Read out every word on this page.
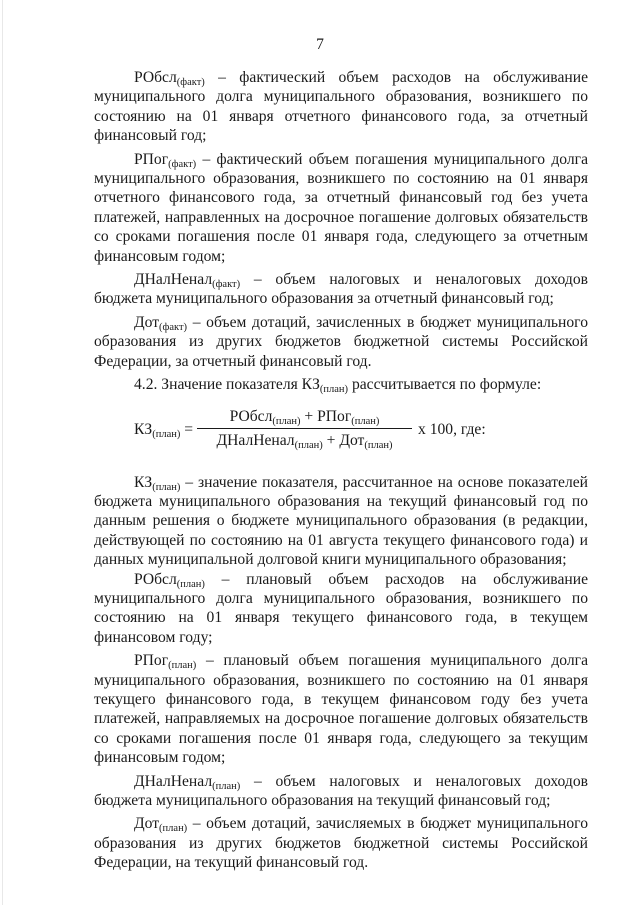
7

РОбсл$_{(факт)}$ – фактический объем расходов на обслуживание муниципального долга муниципального образования, возникшего по состоянию на 01 января отчетного финансового года, за отчетный финансовый год;

РПог$_{(факт)}$ – фактический объем погашения муниципального долга муниципального образования, возникшего по состоянию на 01 января отчетного финансового года, за отчетный финансовый год без учета платежей, направленных на досрочное погашение долговых обязательств со сроками погашения после 01 января года, следующего за отчетным финансовым годом;

ДНалНенал$_{(факт)}$ – объем налоговых и неналоговых доходов бюджета муниципального образования за отчетный финансовый год;

Дот$_{(факт)}$ – объем дотаций, зачисленных в бюджет муниципального образования из других бюджетов бюджетной системы Российской Федерации, за отчетный финансовый год.

4.2. Значение показателя $КЗ_{(план)}$ рассчитывается по формуле:

$КЗ_{(план)}$ =
РОбсл$_{(план)}$ + РПог$_{(план)}$
ДНалНенал$_{(план)}$ + Дот$_{(план)}$
x 100, где:

$КЗ_{(план)}$ – значение показателя, рассчитанное на основе показателей бюджета муниципального образования на текущий финансовый год по данным решения о бюджете муниципального образования (в редакции, действующей по состоянию на 01 августа текущего финансового года) и данных муниципальной долговой книги муниципального образования;

РОбсл$_{(план)}$ – плановый объем расходов на обслуживание муниципального долга муниципального образования, возникшего по состоянию на 01 января текущего финансового года, в текущем финансовом году;

РПог$_{(план)}$ – плановый объем погашения муниципального долга муниципального образования, возникшего по состоянию на 01 января текущего финансового года, в текущем финансовом году без учета платежей, направляемых на досрочное погашение долговых обязательств со сроками погашения после 01 января года, следующего за текущим финансовым годом;

ДНалНенал$_{(план)}$ – объем налоговых и неналоговых доходов бюджета муниципального образования на текущий финансовый год;

Дот$_{(план)}$ – объем дотаций, зачисляемых в бюджет муниципального образования из других бюджетов бюджетной системы Российской Федерации, на текущий финансовый год.
